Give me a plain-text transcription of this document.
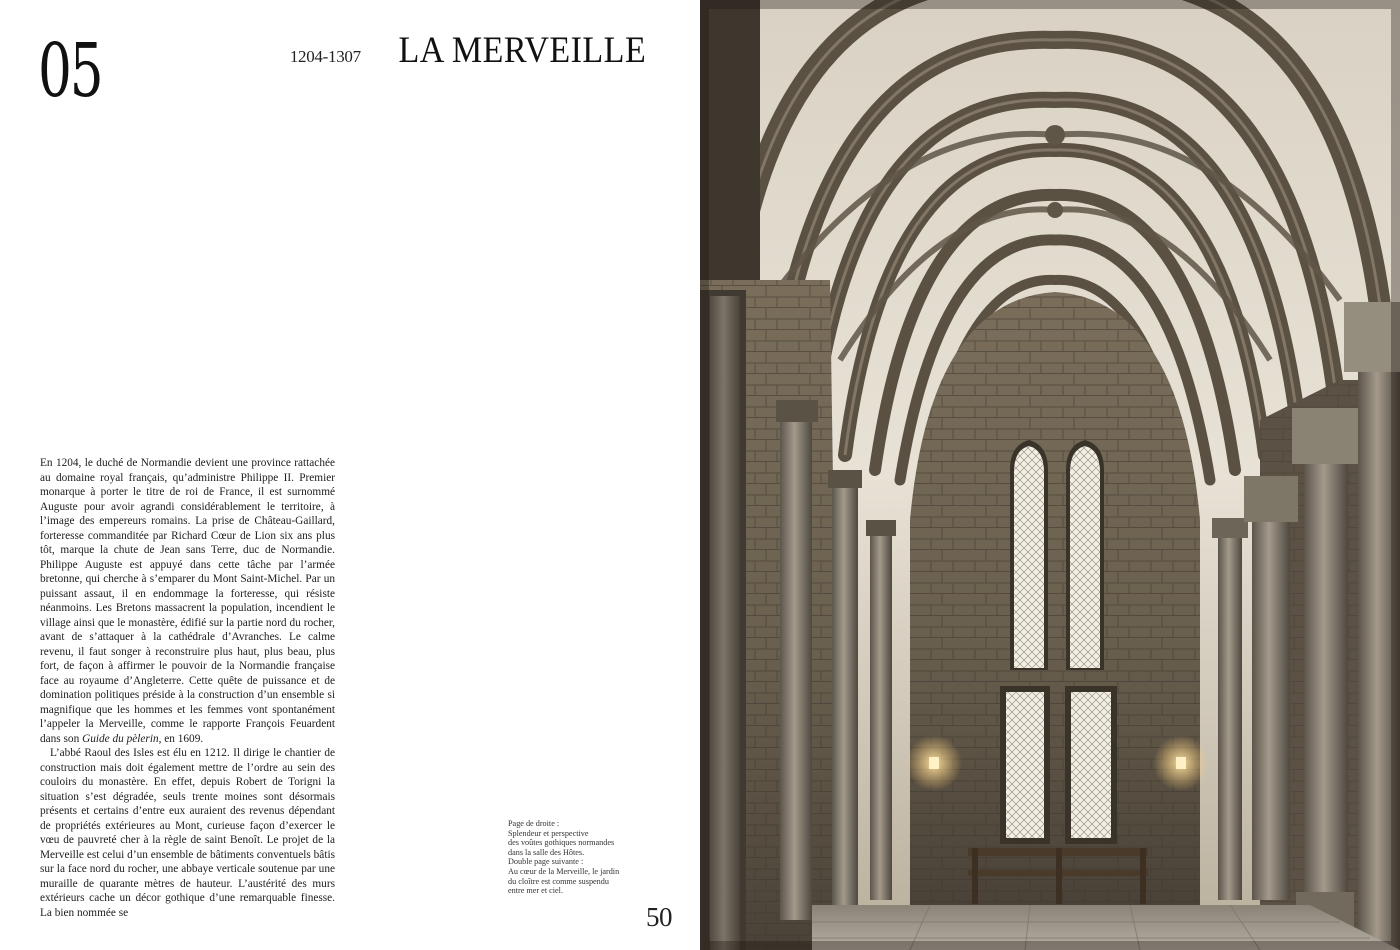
05	1204-1307 LA MERVEILLE

En 1204, le duché de Normandie devient une province rattachée au domaine royal français, qu’administre Philippe II. Premier monarque à porter le titre de roi de France, il est surnommé Auguste pour avoir agrandi considérablement le territoire, à l’image des empereurs romains. La prise de Château-Gaillard, forteresse commanditée par Richard Cœur de Lion six ans plus tôt, marque la chute de Jean sans Terre, duc de Normandie. Philippe Auguste est appuyé dans cette tâche par l’armée bretonne, qui cherche à s’emparer du Mont Saint-Michel. Par un puissant assaut, il en endommage la forteresse, qui résiste néanmoins. Les Bretons massacrent la population, incendient le village ainsi que le monastère, édifié sur la partie nord du rocher, avant de s’attaquer à la cathédrale d’Avranches. Le calme revenu, il faut songer à reconstruire plus haut, plus beau, plus fort, de façon à affirmer le pouvoir de la Normandie française face au royaume d’Angleterre. Cette quête de puissance et de domination politiques préside à la construction d’un ensemble si magnifique que les hommes et les femmes vont spontanément l’appeler la Merveille, comme le rapporte François Feuardent dans son Guide du pèlerin, en 1609.

L’abbé Raoul des Isles est élu en 1212. Il dirige le chantier de construction mais doit également mettre de l’ordre au sein des couloirs du monastère. En effet, depuis Robert de Torigni la situation s’est dégradée, seuls trente moines sont désormais présents et certains d’entre eux auraient des revenus dépendant de propriétés extérieures au Mont, curieuse façon d’exercer le vœu de pauvreté cher à la règle de saint Benoît. Le projet de la Merveille est celui d’un ensemble de bâtiments conventuels bâtis sur la face nord du rocher, une abbaye verticale soutenue par une muraille de quarante mètres de hauteur. L’austérité des murs extérieurs cache un décor gothique d’une remarquable finesse. La bien nommée se

Page de droite :
Splendeur et perspective
des voûtes gothiques normandes
dans la salle des Hôtes.
Double page suivante :
Au cœur de la Merveille, le jardin
du cloître est comme suspendu
entre mer et ciel.
50
